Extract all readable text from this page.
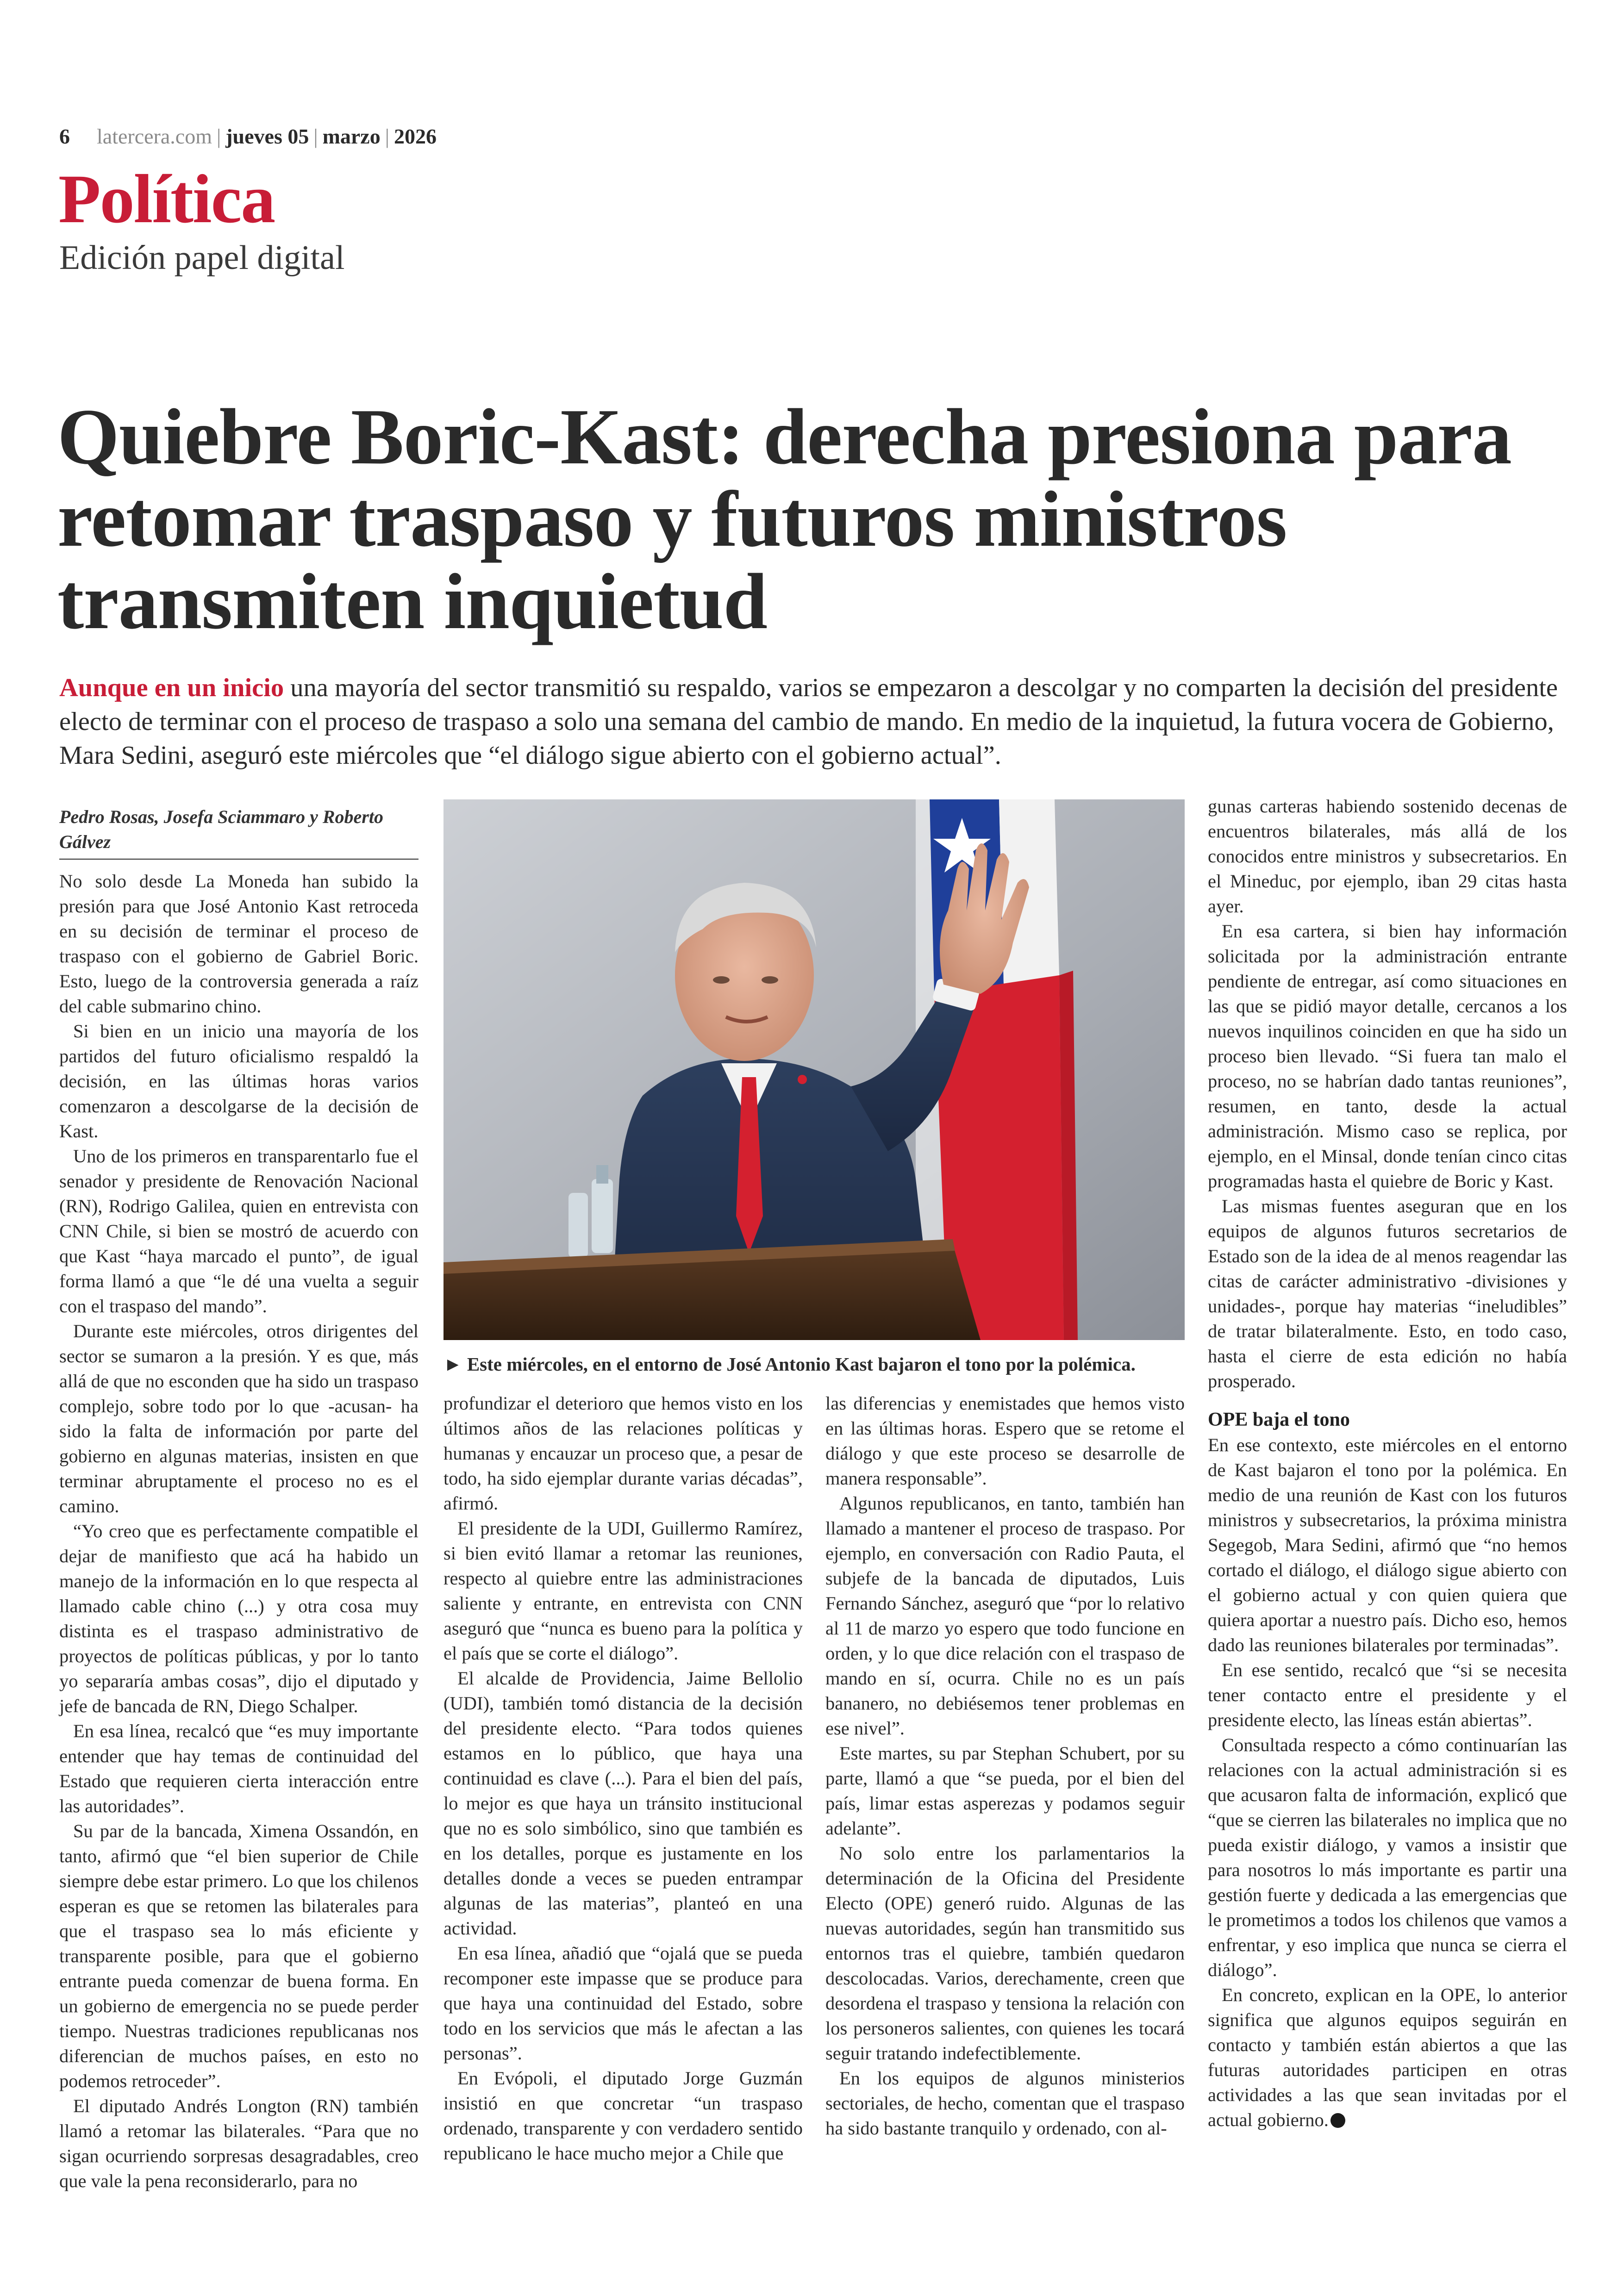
6 latercera.com | jueves 05 | marzo | 2026
Política
Edición papel digital
Quiebre Boric-Kast: derecha presiona para retomar traspaso y futuros ministros transmiten inquietud

Aunque en un inicio una mayoría del sector transmitió su respaldo, varios se empezaron a descolgar y no comparten la decisión del presidente electo de terminar con el proceso de traspaso a solo una semana del cambio de mando. En medio de la inquietud, la futura vocera de Gobierno, Mara Sedini, aseguró este miércoles que “el diálogo sigue abierto con el gobierno actual”.

Pedro Rosas, Josefa Sciammaro y Roberto Gálvez

No solo desde La Moneda han subido la presión para que José Antonio Kast retroceda en su decisión de terminar el proceso de traspaso con el gobierno de Gabriel Boric. Esto, luego de la controversia generada a raíz del cable submarino chino.

Si bien en un inicio una mayoría de los partidos del futuro oficialismo respaldó la decisión, en las últimas horas varios comenzaron a descolgarse de la decisión de Kast.

Uno de los primeros en transparentarlo fue el senador y presidente de Renovación Nacional (RN), Rodrigo Galilea, quien en entrevista con CNN Chile, si bien se mostró de acuerdo con que Kast “haya marcado el punto”, de igual forma llamó a que “le dé una vuelta a seguir con el traspaso del mando”.

Durante este miércoles, otros dirigentes del sector se sumaron a la presión. Y es que, más allá de que no esconden que ha sido un traspaso complejo, sobre todo por lo que -acusan- ha sido la falta de información por parte del gobierno en algunas materias, insisten en que terminar abruptamente el proceso no es el camino.

“Yo creo que es perfectamente compatible el dejar de manifiesto que acá ha habido un manejo de la información en lo que respecta al llamado cable chino (...) y otra cosa muy distinta es el traspaso administrativo de proyectos de políticas públicas, y por lo tanto yo separaría ambas cosas”, dijo el diputado y jefe de bancada de RN, Diego Schalper.

En esa línea, recalcó que “es muy importante entender que hay temas de continuidad del Estado que requieren cierta interacción entre las autoridades”.

Su par de la bancada, Ximena Ossandón, en tanto, afirmó que “el bien superior de Chile siempre debe estar primero. Lo que los chilenos esperan es que se retomen las bilaterales para que el traspaso sea lo más eficiente y transparente posible, para que el gobierno entrante pueda comenzar de buena forma. En un gobierno de emergencia no se puede perder tiempo. Nuestras tradiciones republicanas nos diferencian de muchos países, en esto no podemos retroceder”.

El diputado Andrés Longton (RN) también llamó a retomar las bilaterales. “Para que no sigan ocurriendo sorpresas desagradables, creo que vale la pena reconsiderarlo, para no

► Este miércoles, en el entorno de José Antonio Kast bajaron el tono por la polémica.

profundizar el deterioro que hemos visto en los últimos años de las relaciones políticas y humanas y encauzar un proceso que, a pesar de todo, ha sido ejemplar durante varias décadas”, afirmó.

El presidente de la UDI, Guillermo Ramírez, si bien evitó llamar a retomar las reuniones, respecto al quiebre entre las administraciones saliente y entrante, en entrevista con CNN aseguró que “nunca es bueno para la política y el país que se corte el diálogo”.

El alcalde de Providencia, Jaime Bellolio (UDI), también tomó distancia de la decisión del presidente electo. “Para todos quienes estamos en lo público, que haya una continuidad es clave (...). Para el bien del país, lo mejor es que haya un tránsito institucional que no es solo simbólico, sino que también es en los detalles, porque es justamente en los detalles donde a veces se pueden entrampar algunas de las materias”, planteó en una actividad.

En esa línea, añadió que “ojalá que se pueda recomponer este impasse que se produce para que haya una continuidad del Estado, sobre todo en los servicios que más le afectan a las personas”.

En Evópoli, el diputado Jorge Guzmán insistió en que concretar “un traspaso ordenado, transparente y con verdadero sentido republicano le hace mucho mejor a Chile que

las diferencias y enemistades que hemos visto en las últimas horas. Espero que se retome el diálogo y que este proceso se desarrolle de manera responsable”.

Algunos republicanos, en tanto, también han llamado a mantener el proceso de traspaso. Por ejemplo, en conversación con Radio Pauta, el subjefe de la bancada de diputados, Luis Fernando Sánchez, aseguró que “por lo relativo al 11 de marzo yo espero que todo funcione en orden, y lo que dice relación con el traspaso de mando en sí, ocurra. Chile no es un país bananero, no debiésemos tener problemas en ese nivel”.

Este martes, su par Stephan Schubert, por su parte, llamó a que “se pueda, por el bien del país, limar estas asperezas y podamos seguir adelante”.

No solo entre los parlamentarios la determinación de la Oficina del Presidente Electo (OPE) generó ruido. Algunas de las nuevas autoridades, según han transmitido sus entornos tras el quiebre, también quedaron descolocadas. Varios, derechamente, creen que desordena el traspaso y tensiona la relación con los personeros salientes, con quienes les tocará seguir tratando indefectiblemente.

En los equipos de algunos ministerios sectoriales, de hecho, comentan que el traspaso ha sido bastante tranquilo y ordenado, con al-

gunas carteras habiendo sostenido decenas de encuentros bilaterales, más allá de los conocidos entre ministros y subsecretarios. En el Mineduc, por ejemplo, iban 29 citas hasta ayer.

En esa cartera, si bien hay información solicitada por la administración entrante pendiente de entregar, así como situaciones en las que se pidió mayor detalle, cercanos a los nuevos inquilinos coinciden en que ha sido un proceso bien llevado. “Si fuera tan malo el proceso, no se habrían dado tantas reuniones”, resumen, en tanto, desde la actual administración. Mismo caso se replica, por ejemplo, en el Minsal, donde tenían cinco citas programadas hasta el quiebre de Boric y Kast.

Las mismas fuentes aseguran que en los equipos de algunos futuros secretarios de Estado son de la idea de al menos reagendar las citas de carácter administrativo -divisiones y unidades-, porque hay materias “ineludibles” de tratar bilateralmente. Esto, en todo caso, hasta el cierre de esta edición no había prosperado.

OPE baja el tono

En ese contexto, este miércoles en el entorno de Kast bajaron el tono por la polémica. En medio de una reunión de Kast con los futuros ministros y subsecretarios, la próxima ministra Segegob, Mara Sedini, afirmó que “no hemos cortado el diálogo, el diálogo sigue abierto con el gobierno actual y con quien quiera que quiera aportar a nuestro país. Dicho eso, hemos dado las reuniones bilaterales por terminadas”.

En ese sentido, recalcó que “si se necesita tener contacto entre el presidente y el presidente electo, las líneas están abiertas”.

Consultada respecto a cómo continuarían las relaciones con la actual administración si es que acusaron falta de información, explicó que “que se cierren las bilaterales no implica que no pueda existir diálogo, y vamos a insistir que para nosotros lo más importante es partir una gestión fuerte y dedicada a las emergencias que le prometimos a todos los chilenos que vamos a enfrentar, y eso implica que nunca se cierra el diálogo”.

En concreto, explican en la OPE, lo anterior significa que algunos equipos seguirán en contacto y también están abiertos a que las futuras autoridades participen en otras actividades a las que sean invitadas por el actual gobierno.
